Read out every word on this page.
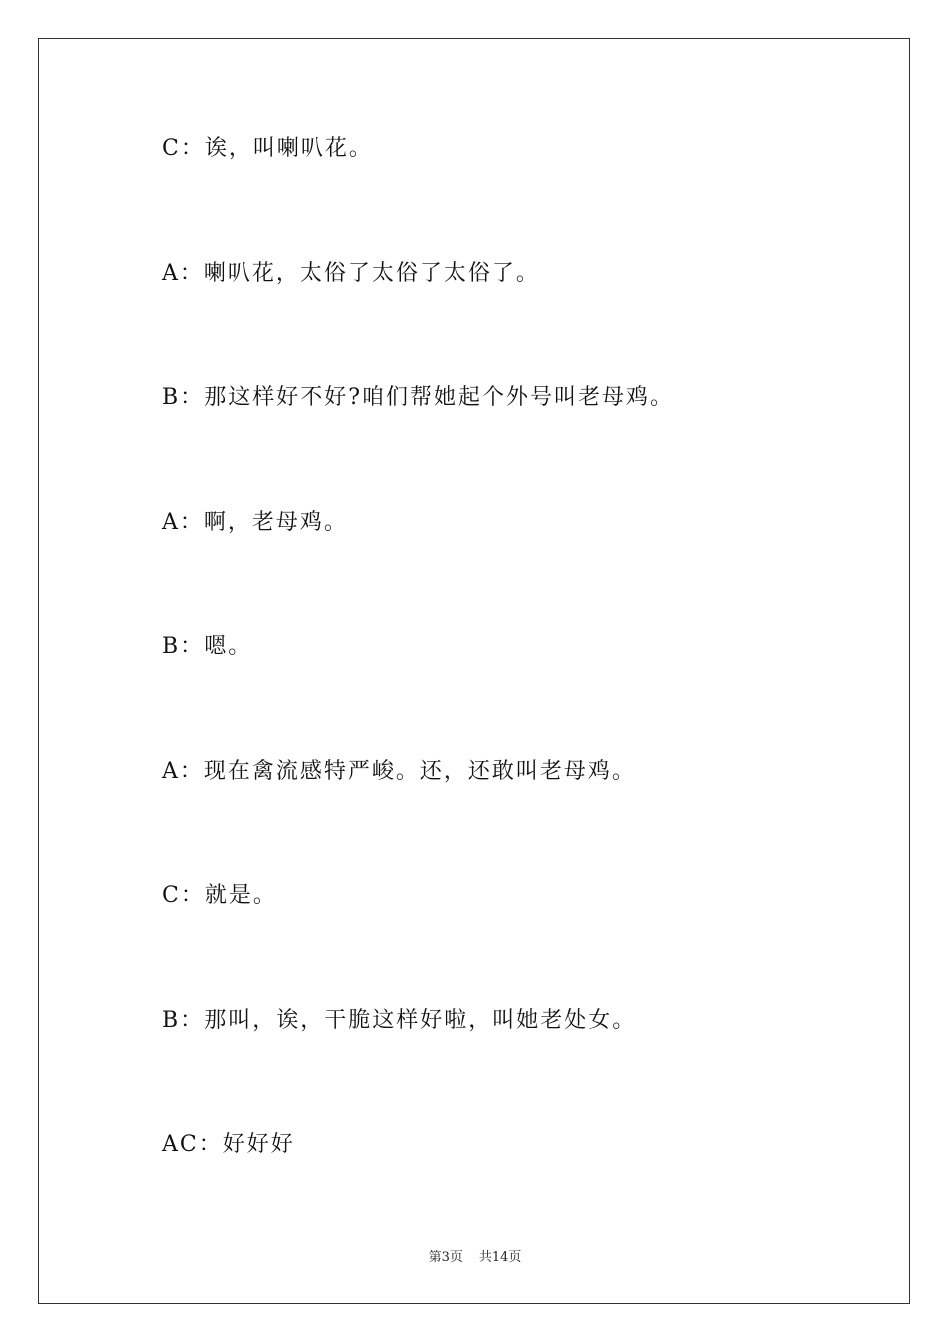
C：诶，叫喇叭花。
A：喇叭花，太俗了太俗了太俗了。
B：那这样好不好?咱们帮她起个外号叫老母鸡。
A：啊，老母鸡。
B：嗯。
A：现在禽流感特严峻。还，还敢叫老母鸡。
C：就是。
B：那叫，诶，干脆这样好啦，叫她老处女。
AC：好好好
第3页 共14页
